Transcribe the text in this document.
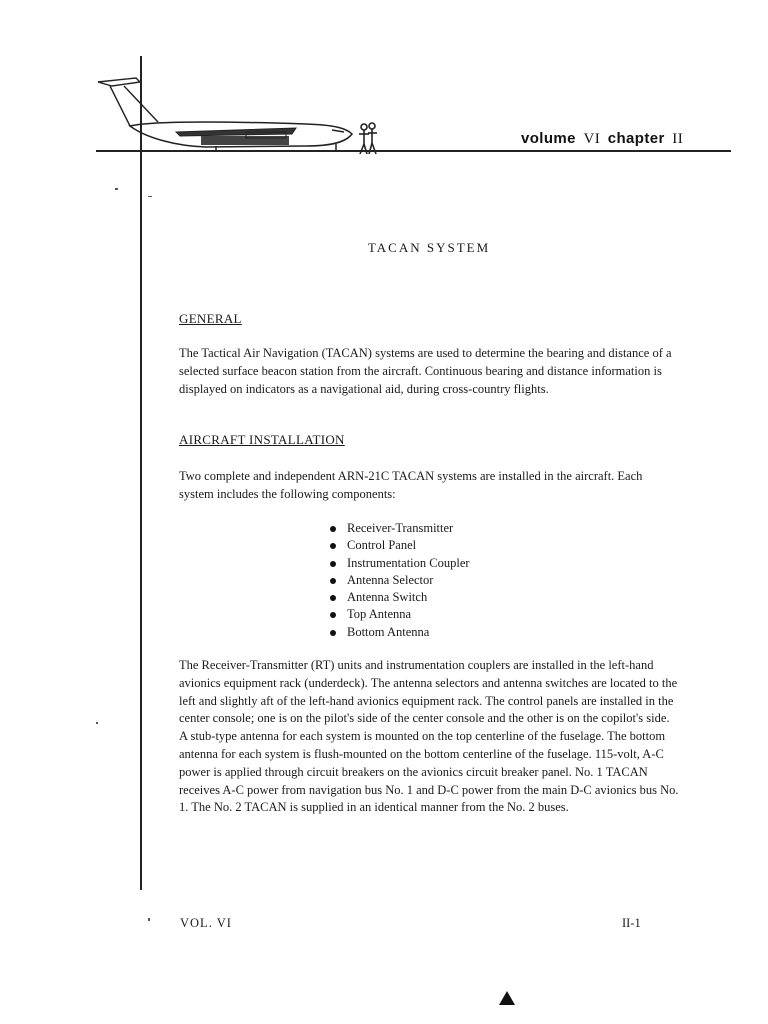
volume VI chapter II
TACAN SYSTEM
GENERAL

The Tactical Air Navigation (TACAN) systems are used to determine the bearing and distance of a selected surface beacon station from the aircraft. Continuous bearing and distance information is displayed on indicators as a navigational aid, during cross-country flights.

AIRCRAFT INSTALLATION

Two complete and independent ARN-21C TACAN systems are installed in the aircraft. Each system includes the following components:

Receiver-Transmitter
Control Panel
Instrumentation Coupler
Antenna Selector
Antenna Switch
Top Antenna
Bottom Antenna

The Receiver-Transmitter (RT) units and instrumentation couplers are installed in the left-hand avionics equipment rack (underdeck). The antenna selectors and antenna switches are located to the left and slightly aft of the left-hand avionics equipment rack. The control panels are installed in the center console; one is on the pilot's side of the center console and the other is on the copilot's side. A stub-type antenna for each system is mounted on the top centerline of the fuselage. The bottom antenna for each system is flush-mounted on the bottom centerline of the fuselage. 115-volt, A-C power is applied through circuit breakers on the avionics circuit breaker panel. No. 1 TACAN receives A-C power from navigation bus No. 1 and D-C power from the main D-C avionics bus No. 1. The No. 2 TACAN is supplied in an identical manner from the No. 2 buses.

VOL. VI	II-1
